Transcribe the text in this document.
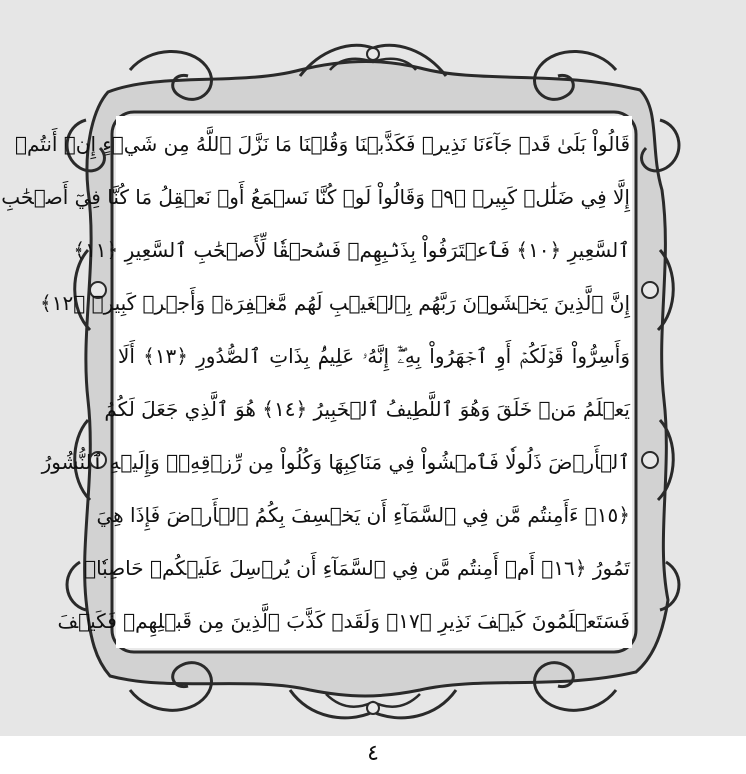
قَالُواْ بَلَىٰ قَدۡ جَآءَنَا نَذِيرٞ فَكَذَّبۡنَا وَقُلۡنَا مَا نَزَّلَ ٱللَّهُ مِن شَيۡءٍ إِنۡ أَنتُمۡ
إِلَّا فِي ضَلَٰلٖ كَبِيرٖ ﴿٩﴾ وَقَالُواْ لَوۡ كُنَّا نَسۡمَعُ أَوۡ نَعۡقِلُ مَا كُنَّا فِيٓ أَصۡحَٰبِ
ٱلسَّعِيرِ ﴿١٠﴾ فَٱعۡتَرَفُواْ بِذَنۢبِهِمۡ فَسُحۡقٗا لِّأَصۡحَٰبِ ٱلسَّعِيرِ ﴿١١﴾
إِنَّ ٱلَّذِينَ يَخۡشَوۡنَ رَبَّهُم بِٱلۡغَيۡبِ لَهُم مَّغۡفِرَةٞ وَأَجۡرٞ كَبِيرٞ ﴿١٢﴾
وَأَسِرُّواْ قَوۡلَكُمۡ أَوِ ٱجۡهَرُواْ بِهِۦٓۖ إِنَّهُۥ عَلِيمُۢ بِذَاتِ ٱلصُّدُورِ ﴿١٣﴾ أَلَا
يَعۡلَمُ مَنۡ خَلَقَ وَهُوَ ٱللَّطِيفُ ٱلۡخَبِيرُ ﴿١٤﴾ هُوَ ٱلَّذِي جَعَلَ لَكُمُ
ٱلۡأَرۡضَ ذَلُولٗا فَٱمۡشُواْ فِي مَنَاكِبِهَا وَكُلُواْ مِن رِّزۡقِهِۦۖ وَإِلَيۡهِ ٱلنُّشُورُ
﴿١٥﴾ ءَأَمِنتُم مَّن فِي ٱلسَّمَآءِ أَن يَخۡسِفَ بِكُمُ ٱلۡأَرۡضَ فَإِذَا هِيَ
تَمُورُ ﴿١٦﴾ أَمۡ أَمِنتُم مَّن فِي ٱلسَّمَآءِ أَن يُرۡسِلَ عَلَيۡكُمۡ حَاصِبٗاۖ
فَسَتَعۡلَمُونَ كَيۡفَ نَذِيرِ ﴿١٧﴾ وَلَقَدۡ كَذَّبَ ٱلَّذِينَ مِن قَبۡلِهِمۡ فَكَيۡفَ
٤
